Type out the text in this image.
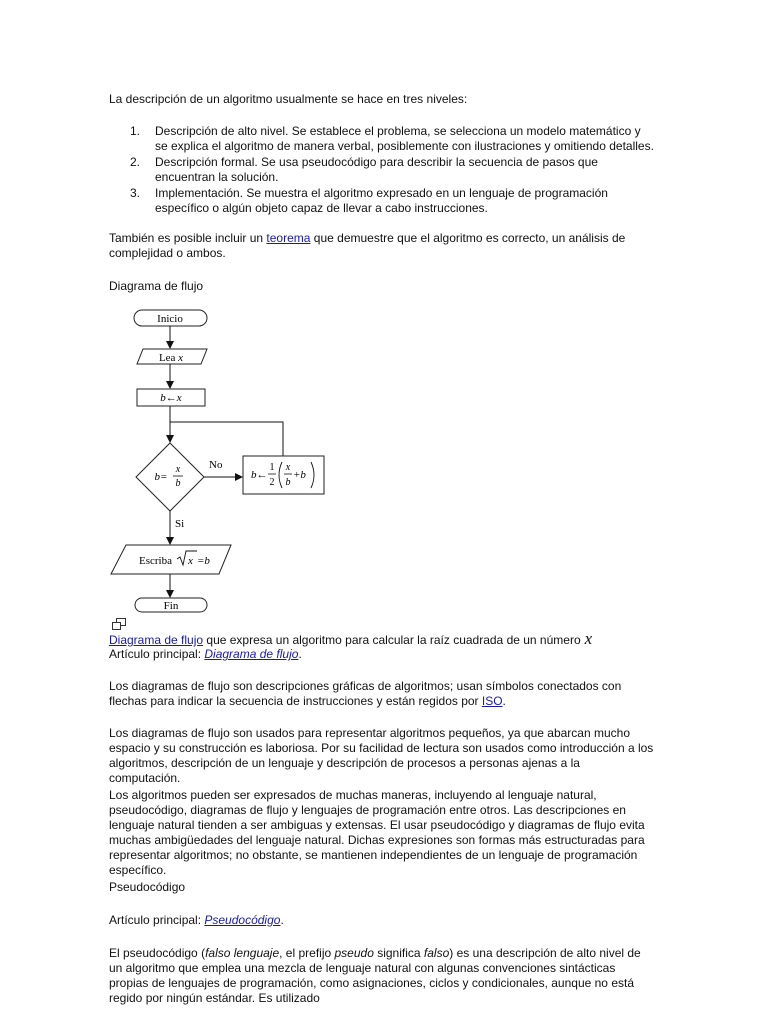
La descripción de un algoritmo usualmente se hace en tres niveles:

1. Descripción de alto nivel. Se establece el problema, se selecciona un modelo matemático y se explica el algoritmo de manera verbal, posiblemente con ilustraciones y omitiendo detalles.
2. Descripción formal. Se usa pseudocódigo para describir la secuencia de pasos que encuentran la solución.
3. Implementación. Se muestra el algoritmo expresado en un lenguaje de programación específico o algún objeto capaz de llevar a cabo instrucciones.

También es posible incluir un teorema que demuestre que el algoritmo es correcto, un análisis de complejidad o ambos.

Diagrama de flujo

Inicio
Lea x
b←x
b=
x
b
No
b←
1
2
x
b
+b
Si
Escriba x =b
Fin

Diagrama de flujo que expresa un algoritmo para calcular la raíz cuadrada de un número x

Artículo principal: Diagrama de flujo.

Los diagramas de flujo son descripciones gráficas de algoritmos; usan símbolos conectados con flechas para indicar la secuencia de instrucciones y están regidos por ISO.

Los diagramas de flujo son usados para representar algoritmos pequeños, ya que abarcan mucho espacio y su construcción es laboriosa. Por su facilidad de lectura son usados como introducción a los algoritmos, descripción de un lenguaje y descripción de procesos a personas ajenas a la computación.

Los algoritmos pueden ser expresados de muchas maneras, incluyendo al lenguaje natural, pseudocódigo, diagramas de flujo y lenguajes de programación entre otros. Las descripciones en lenguaje natural tienden a ser ambiguas y extensas. El usar pseudocódigo y diagramas de flujo evita muchas ambigüedades del lenguaje natural. Dichas expresiones son formas más estructuradas para representar algoritmos; no obstante, se mantienen independientes de un lenguaje de programación específico.

Pseudocódigo

Artículo principal: Pseudocódigo.

El pseudocódigo (falso lenguaje, el prefijo pseudo significa falso) es una descripción de alto nivel de un algoritmo que emplea una mezcla de lenguaje natural con algunas convenciones sintácticas propias de lenguajes de programación, como asignaciones, ciclos y condicionales, aunque no está regido por ningún estándar. Es utilizado
